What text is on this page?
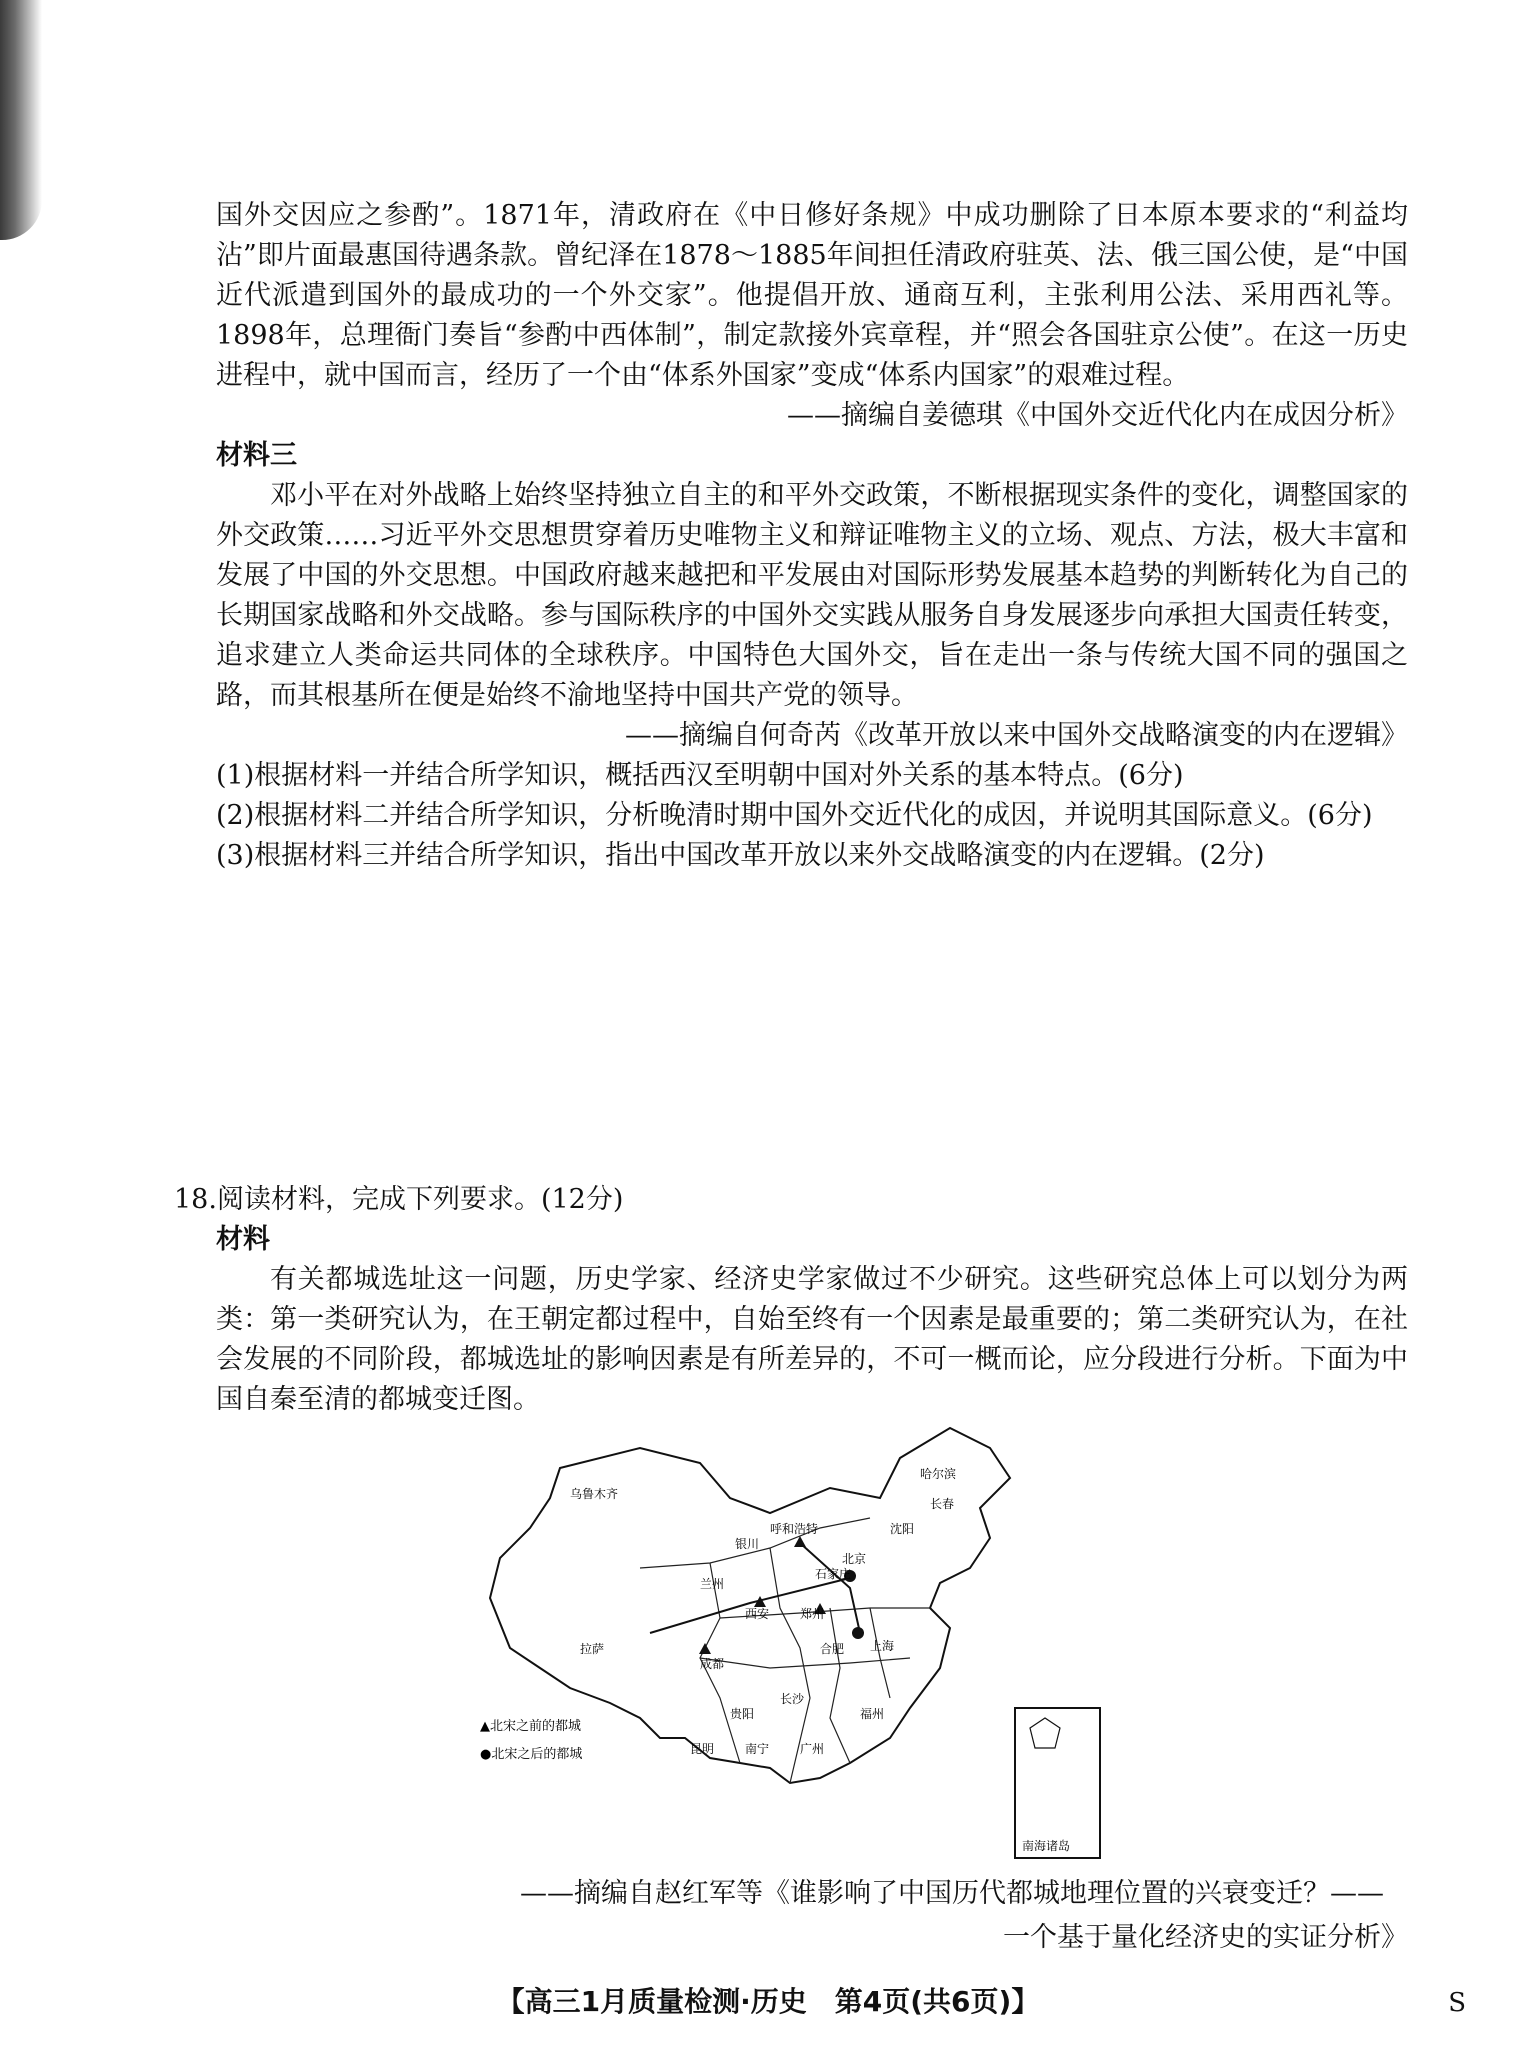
国外交因应之参酌”。1871年，清政府在《中日修好条规》中成功删除了日本原本要求的“利益均沾”即片面最惠国待遇条款。曾纪泽在1878～1885年间担任清政府驻英、法、俄三国公使，是“中国近代派遣到国外的最成功的一个外交家”。他提倡开放、通商互利，主张利用公法、采用西礼等。1898年，总理衙门奏旨“参酌中西体制”，制定款接外宾章程，并“照会各国驻京公使”。在这一历史进程中，就中国而言，经历了一个由“体系外国家”变成“体系内国家”的艰难过程。

——摘编自姜德琪《中国外交近代化内在成因分析》

材料三

邓小平在对外战略上始终坚持独立自主的和平外交政策，不断根据现实条件的变化，调整国家的外交政策……习近平外交思想贯穿着历史唯物主义和辩证唯物主义的立场、观点、方法，极大丰富和发展了中国的外交思想。中国政府越来越把和平发展由对国际形势发展基本趋势的判断转化为自己的长期国家战略和外交战略。参与国际秩序的中国外交实践从服务自身发展逐步向承担大国责任转变，追求建立人类命运共同体的全球秩序。中国特色大国外交，旨在走出一条与传统大国不同的强国之路，而其根基所在便是始终不渝地坚持中国共产党的领导。

——摘编自何奇芮《改革开放以来中国外交战略演变的内在逻辑》

(1)根据材料一并结合所学知识，概括西汉至明朝中国对外关系的基本特点。(6分)

(2)根据材料二并结合所学知识，分析晚清时期中国外交近代化的成因，并说明其国际意义。(6分)

(3)根据材料三并结合所学知识，指出中国改革开放以来外交战略演变的内在逻辑。(2分)

18.阅读材料，完成下列要求。(12分)

材料

有关都城选址这一问题，历史学家、经济史学家做过不少研究。这些研究总体上可以划分为两类：第一类研究认为，在王朝定都过程中，自始至终有一个因素是最重要的；第二类研究认为，在社会发展的不同阶段，都城选址的影响因素是有所差异的，不可一概而论，应分段进行分析。下面为中国自秦至清的都城变迁图。

乌鲁木齐
哈尔滨
长春
沈阳
呼和浩特
北京
银川
石家庄
兰州
西安	郑州
合肥
成都
上海
拉萨
长沙
福州
贵阳
昆明	南宁	广州
▲北宋之前的都城
●北宋之后的都城
南海诸岛
——摘编自赵红军等《谁影响了中国历代都城地理位置的兴衰变迁？——
一个基于量化经济史的实证分析》
【高三1月质量检测·历史　第4页(共6页)】	S
